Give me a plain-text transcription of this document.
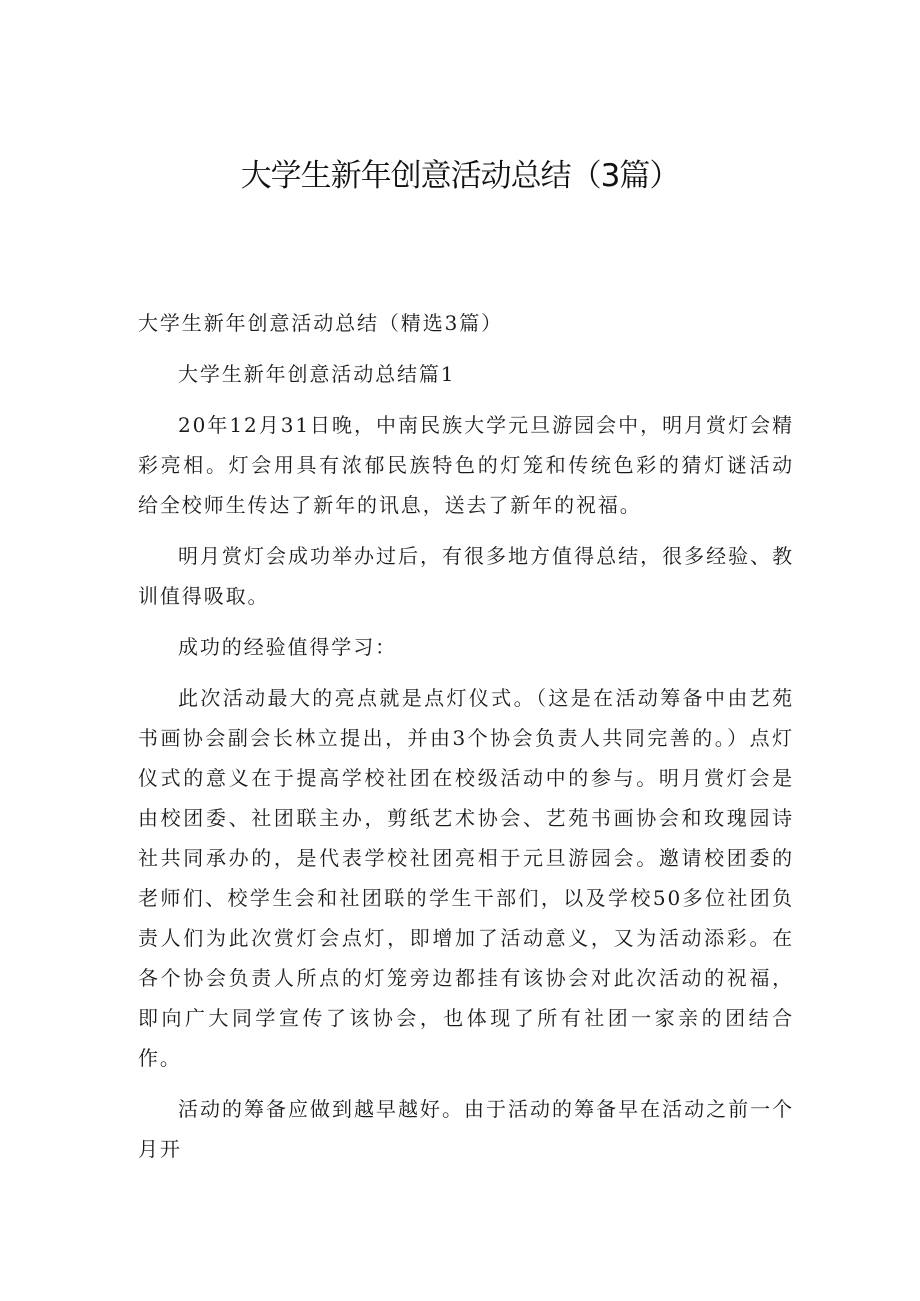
大学生新年创意活动总结（3篇）

大学生新年创意活动总结（精选3篇）

大学生新年创意活动总结篇1

20年12月31日晚，中南民族大学元旦游园会中，明月赏灯会精彩亮相。灯会用具有浓郁民族特色的灯笼和传统色彩的猜灯谜活动给全校师生传达了新年的讯息，送去了新年的祝福。

明月赏灯会成功举办过后，有很多地方值得总结，很多经验、教训值得吸取。

成功的经验值得学习：

此次活动最大的亮点就是点灯仪式。（这是在活动筹备中由艺苑书画协会副会长林立提出，并由3个协会负责人共同完善的。）点灯仪式的意义在于提高学校社团在校级活动中的参与。明月赏灯会是由校团委、社团联主办，剪纸艺术协会、艺苑书画协会和玫瑰园诗社共同承办的，是代表学校社团亮相于元旦游园会。邀请校团委的老师们、校学生会和社团联的学生干部们，以及学校50多位社团负责人们为此次赏灯会点灯，即增加了活动意义，又为活动添彩。在各个协会负责人所点的灯笼旁边都挂有该协会对此次活动的祝福，即向广大同学宣传了该协会，也体现了所有社团一家亲的团结合作。

活动的筹备应做到越早越好。由于活动的筹备早在活动之前一个月开
